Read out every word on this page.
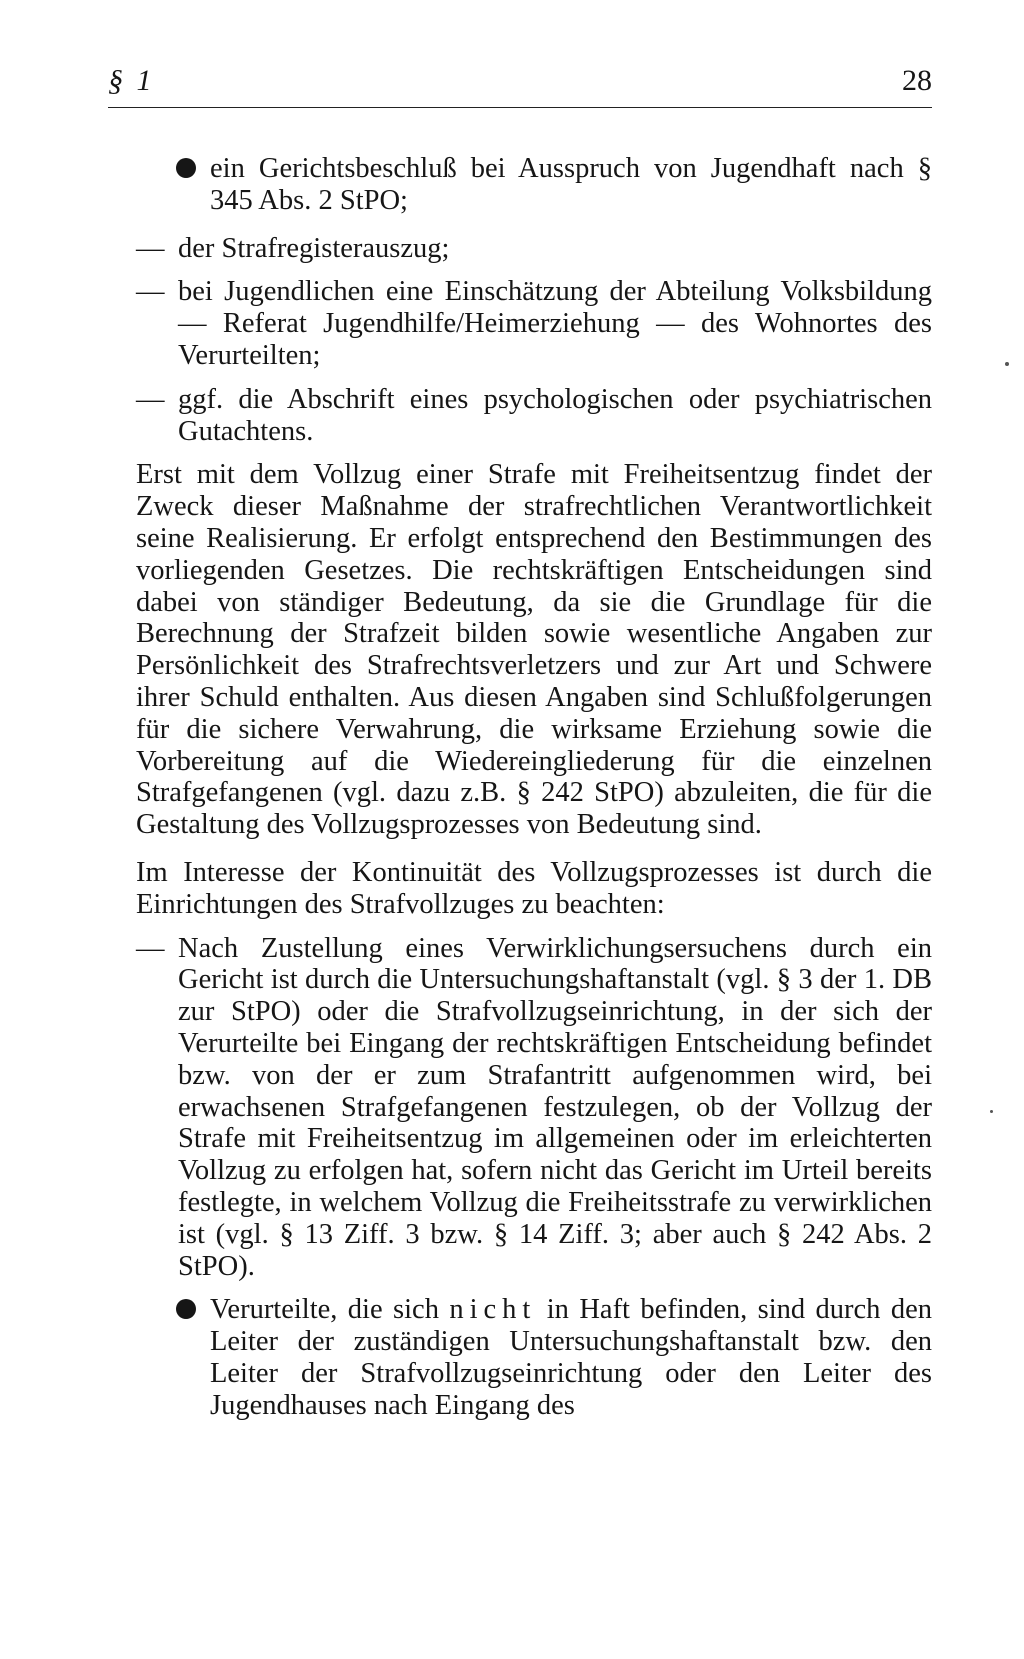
§ 1	28
ein Gerichtsbeschluß bei Ausspruch von Jugendhaft nach § 345 Abs. 2 StPO;
— der Strafregisterauszug;
— bei Jugendlichen eine Einschätzung der Abteilung Volksbildung — Referat Jugendhilfe/Heimerziehung — des Wohnortes des Verurteilten;
— ggf. die Abschrift eines psychologischen oder psychiatrischen Gutachtens.
Erst mit dem Vollzug einer Strafe mit Freiheitsentzug findet der Zweck dieser Maßnahme der strafrechtlichen Verantwortlichkeit seine Realisierung. Er erfolgt entsprechend den Bestimmungen des vorliegenden Gesetzes. Die rechtskräftigen Entscheidungen sind dabei von ständiger Bedeutung, da sie die Grundlage für die Berechnung der Strafzeit bilden sowie wesentliche Angaben zur Persönlichkeit des Strafrechtsverletzers und zur Art und Schwere ihrer Schuld enthalten. Aus diesen Angaben sind Schlußfolgerungen für die sichere Verwahrung, die wirksame Erziehung sowie die Vorbereitung auf die Wiedereingliederung für die einzelnen Strafgefangenen (vgl. dazu z.B. § 242 StPO) abzuleiten, die für die Gestaltung des Vollzugsprozesses von Bedeutung sind.
Im Interesse der Kontinuität des Vollzugsprozesses ist durch die Einrichtungen des Strafvollzuges zu beachten:
— Nach Zustellung eines Verwirklichungsersuchens durch ein Gericht ist durch die Untersuchungshaftanstalt (vgl. § 3 der 1. DB zur StPO) oder die Strafvollzugseinrichtung, in der sich der Verurteilte bei Eingang der rechtskräftigen Entscheidung befindet bzw. von der er zum Strafantritt aufgenommen wird, bei erwachsenen Strafgefangenen festzulegen, ob der Vollzug der Strafe mit Freiheitsentzug im allgemeinen oder im erleichterten Vollzug zu erfolgen hat, sofern nicht das Gericht im Urteil bereits festlegte, in welchem Vollzug die Freiheitsstrafe zu verwirklichen ist (vgl. § 13 Ziff. 3 bzw. § 14 Ziff. 3; aber auch § 242 Abs. 2 StPO).
Verurteilte, die sich nicht in Haft befinden, sind durch den Leiter der zuständigen Untersuchungshaftanstalt bzw. den Leiter der Strafvollzugseinrichtung oder den Leiter des Jugendhauses nach Eingang des
